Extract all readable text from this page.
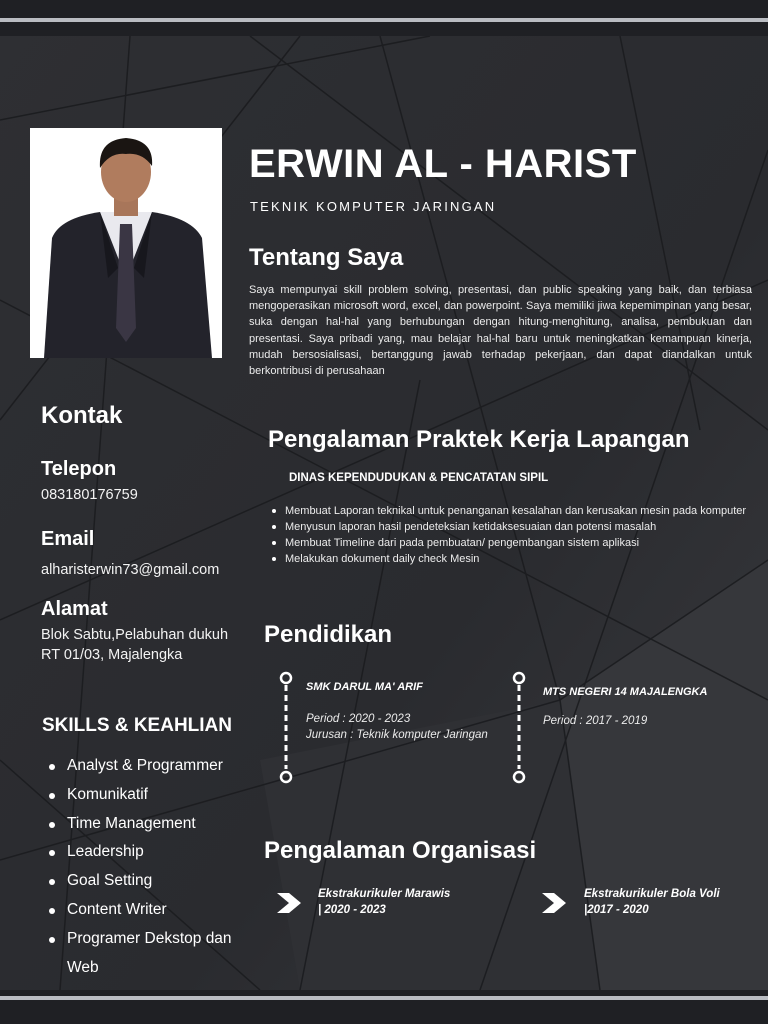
ERWIN AL - HARIST
TEKNIK KOMPUTER JARINGAN
Tentang Saya

Saya mempunyai skill problem solving, presentasi, dan public speaking yang baik, dan terbiasa mengoperasikan microsoft word, excel, dan powerpoint. Saya memiliki jiwa kepemimpinan yang besar, suka dengan hal-hal yang berhubungan dengan hitung-menghitung, analisa, pembukuan dan presentasi. Saya pribadi yang, mau belajar hal-hal baru untuk meningkatkan kemampuan kinerja, mudah bersosialisasi, bertanggung jawab terhadap pekerjaan, dan dapat diandalkan untuk berkontribusi di perusahaan

Kontak
Telepon
083180176759
Email
alharisterwin73@gmail.com
Alamat
Blok Sabtu,Pelabuhan dukuh
RT 01/03, Majalengka
SKILLS & KEAHLIAN
Analyst & Programmer
Komunikatif
Time Management
Leadership
Goal Setting
Content Writer
Programer Dekstop dan Web
Pengalaman Praktek Kerja Lapangan
DINAS KEPENDUDUKAN & PENCATATAN SIPIL
Membuat Laporan teknikal untuk penanganan kesalahan dan kerusakan mesin pada komputer
Menyusun laporan hasil pendeteksian ketidaksesuaian dan potensi masalah
Membuat Timeline dari pada pembuatan/ pengembangan sistem aplikasi
Melakukan dokument daily check Mesin
Pendidikan
SMK DARUL MA' ARIF
Period : 2020 - 2023
Jurusan : Teknik komputer Jaringan
MTS NEGERI 14 MAJALENGKA
Period : 2017 - 2019
Pengalaman Organisasi
Ekstrakurikuler Marawis
| 2020 - 2023
Ekstrakurikuler Bola Voli
|2017 - 2020
